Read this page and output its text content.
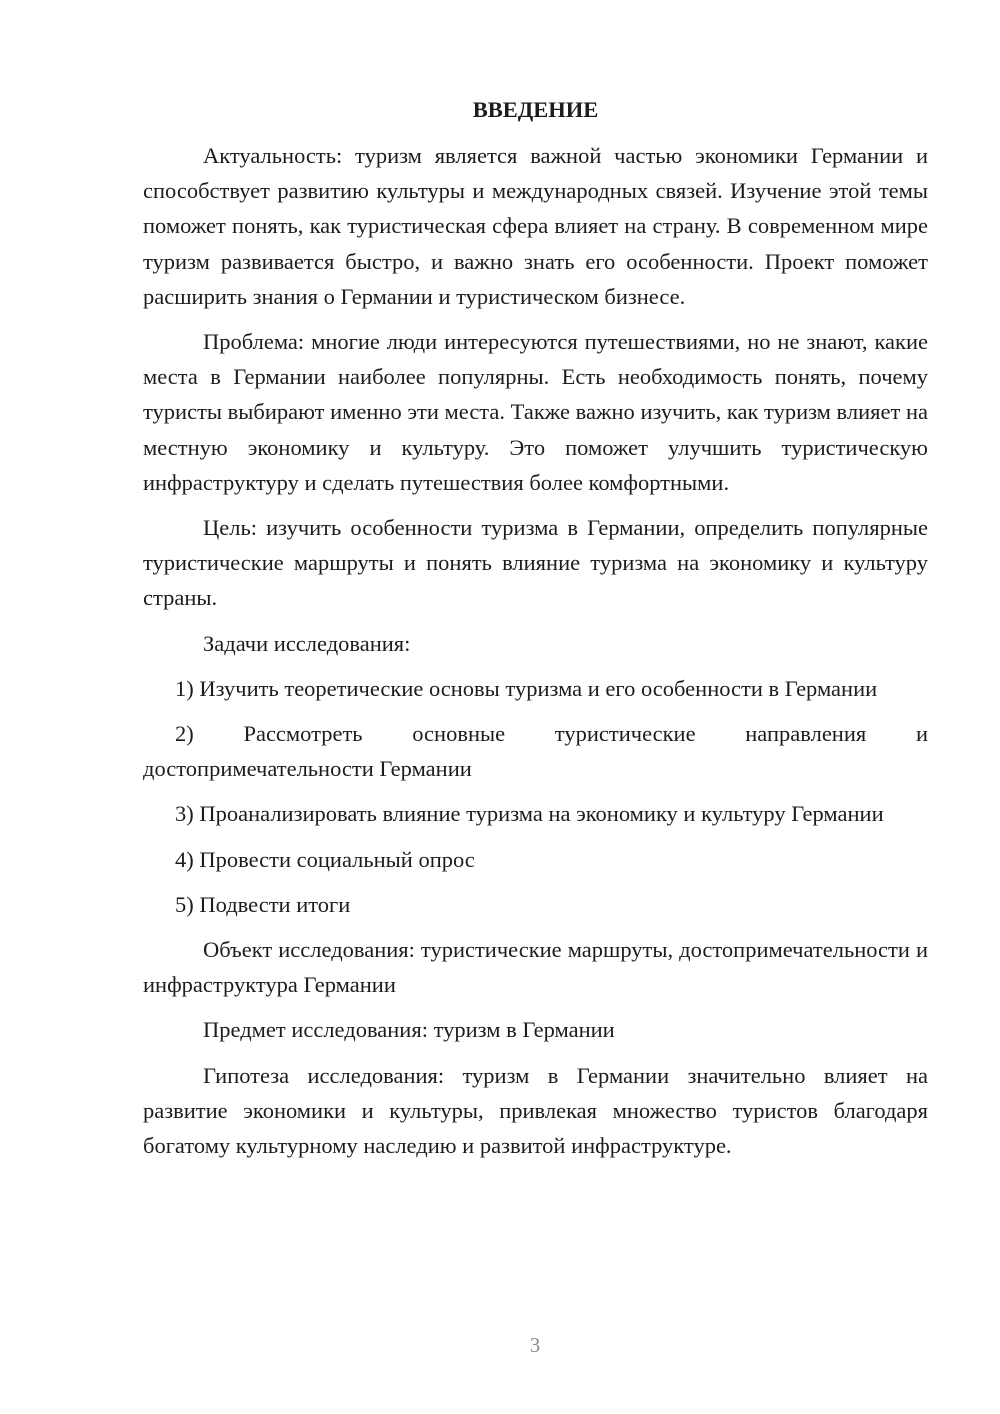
ВВЕДЕНИЕ

Актуальность: туризм является важной частью экономики Германии и способствует развитию культуры и международных связей. Изучение этой темы поможет понять, как туристическая сфера влияет на страну. В современном мире туризм развивается быстро, и важно знать его особенности. Проект поможет расширить знания о Германии и туристическом бизнесе.

Проблема: многие люди интересуются путешествиями, но не знают, какие места в Германии наиболее популярны. Есть необходимость понять, почему туристы выбирают именно эти места. Также важно изучить, как туризм влияет на местную экономику и культуру. Это поможет улучшить туристическую инфраструктуру и сделать путешествия более комфортными.

Цель: изучить особенности туризма в Германии, определить популярные туристические маршруты и понять влияние туризма на экономику и культуру страны.

Задачи исследования:

1) Изучить теоретические основы туризма и его особенности в Германии

2) Рассмотреть основные туристические направления и достопримечательности Германии

3) Проанализировать влияние туризма на экономику и культуру Германии

4) Провести социальный опрос

5) Подвести итоги

Объект исследования: туристические маршруты, достопримечательности и инфраструктура Германии

Предмет исследования: туризм в Германии

Гипотеза исследования: туризм в Германии значительно влияет на развитие экономики и культуры, привлекая множество туристов благодаря богатому культурному наследию и развитой инфраструктуре.

3
